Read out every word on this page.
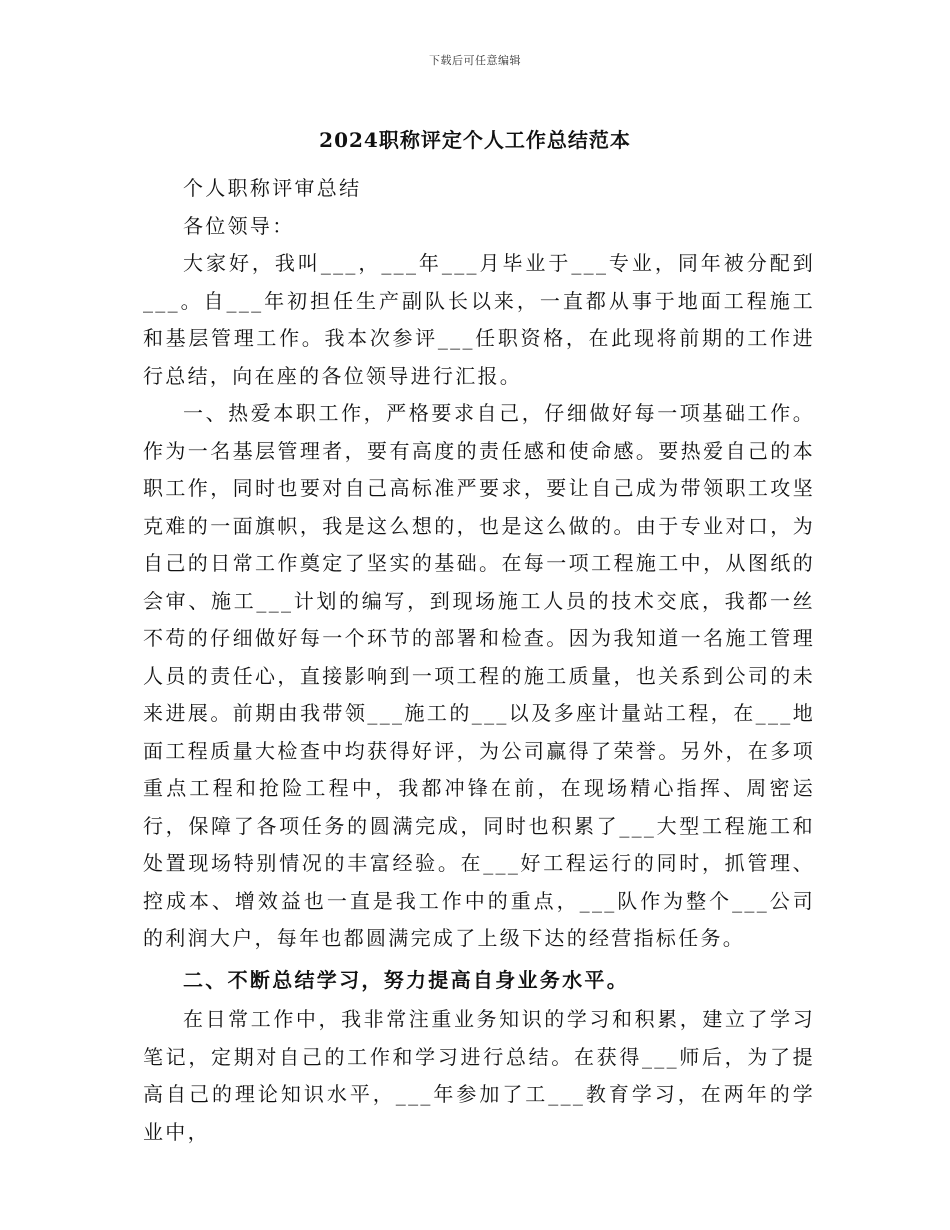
下载后可任意编辑
2024职称评定个人工作总结范本

个人职称评审总结

各位领导：

大家好，我叫___，___年___月毕业于___专业，同年被分配到___。自___年初担任生产副队长以来，一直都从事于地面工程施工和基层管理工作。我本次参评___任职资格，在此现将前期的工作进行总结，向在座的各位领导进行汇报。

一、热爱本职工作，严格要求自己，仔细做好每一项基础工作。作为一名基层管理者，要有高度的责任感和使命感。要热爱自己的本职工作，同时也要对自己高标准严要求，要让自己成为带领职工攻坚克难的一面旗帜，我是这么想的，也是这么做的。由于专业对口，为自己的日常工作奠定了坚实的基础。在每一项工程施工中，从图纸的会审、施工___计划的编写，到现场施工人员的技术交底，我都一丝不苟的仔细做好每一个环节的部署和检查。因为我知道一名施工管理人员的责任心，直接影响到一项工程的施工质量，也关系到公司的未来进展。前期由我带领___施工的___以及多座计量站工程，在___地面工程质量大检查中均获得好评，为公司赢得了荣誉。另外，在多项重点工程和抢险工程中，我都冲锋在前，在现场精心指挥、周密运行，保障了各项任务的圆满完成，同时也积累了___大型工程施工和处置现场特别情况的丰富经验。在___好工程运行的同时，抓管理、控成本、增效益也一直是我工作中的重点，___队作为整个___公司的利润大户，每年也都圆满完成了上级下达的经营指标任务。

二、不断总结学习，努力提高自身业务水平。

在日常工作中，我非常注重业务知识的学习和积累，建立了学习笔记，定期对自己的工作和学习进行总结。在获得___师后，为了提高自己的理论知识水平，___年参加了工___教育学习，在两年的学业中，
